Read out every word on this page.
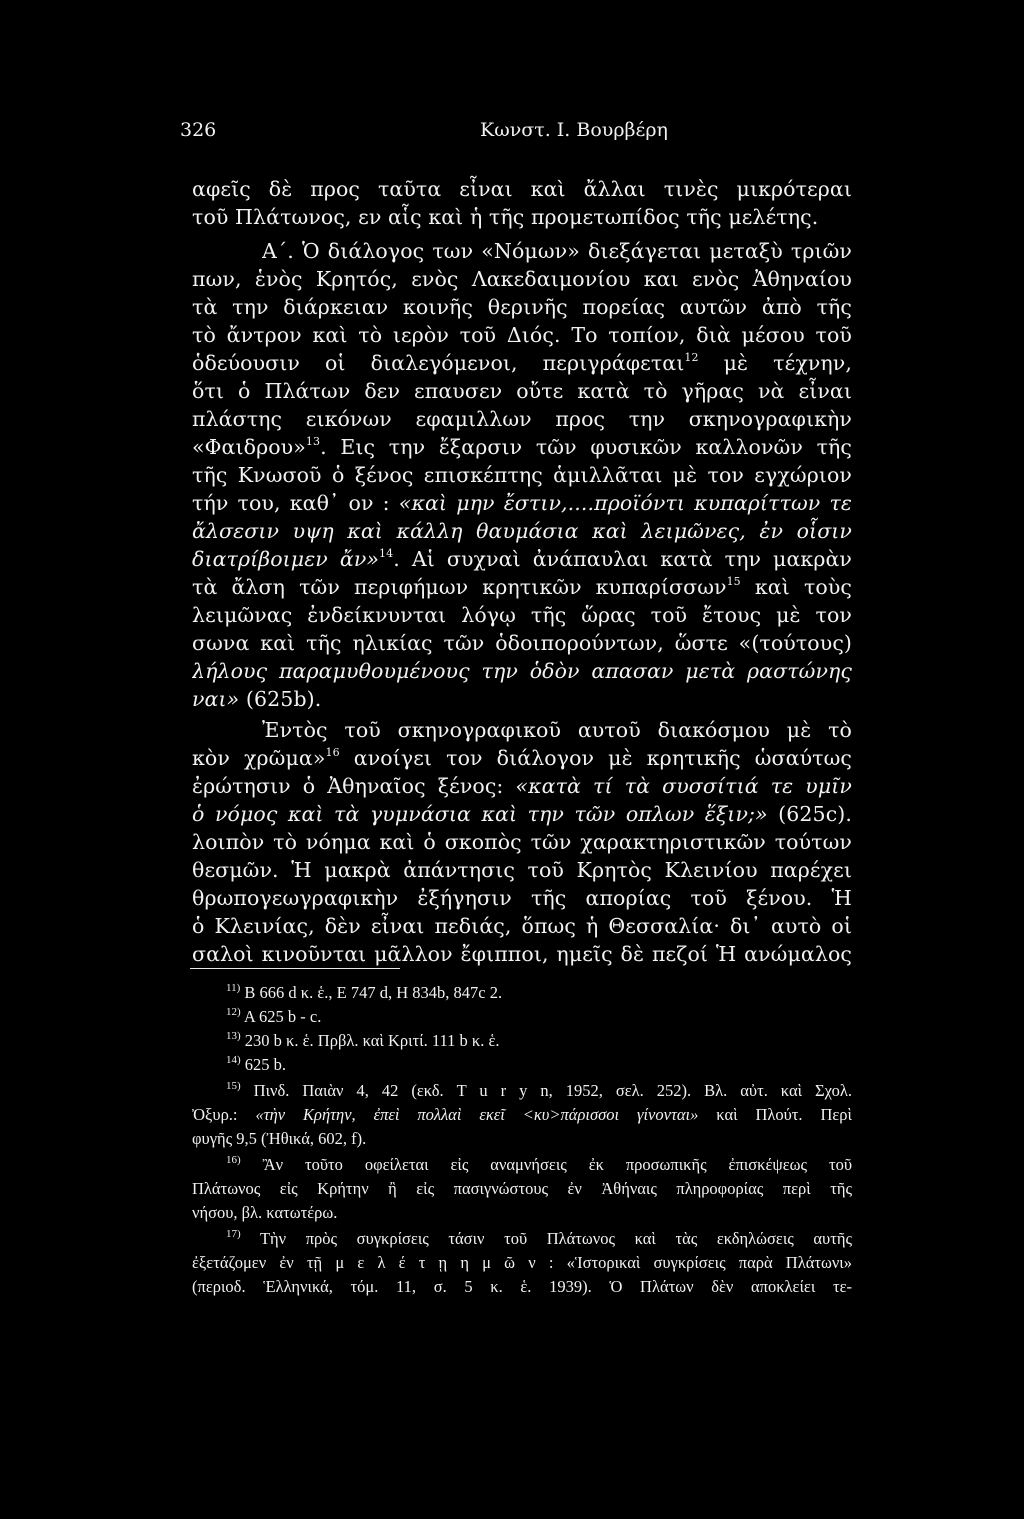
326	Κωνστ. Ι. Βουρβέρη
αφεῖς δὲ προς ταῦτα εἶναι καὶ ἄλλαι τινὲς μικρότεραι
τοῦ Πλάτωνος, εν αἷς καὶ ἡ τῆς προμετωπίδος τῆς μελέτης.
Α΄. Ὁ διάλογος των «Νόμων» διεξάγεται μεταξὺ τριῶν
πων, ἑνὸς Κρητός, ενὸς Λακεδαιμονίου και ενὸς Ἀθηναίου
τὰ την διάρκειαν κοινῆς θερινῆς πορείας αυτῶν ἀπὸ τῆς
τὸ ἄντρον καὶ τὸ ιερὸν τοῦ Διός. Το τοπίον, διὰ μέσου τοῦ
ὁδεύουσιν οἱ διαλεγόμενοι, περιγράφεται$^{12}$ μὲ τέχνην,
ὅτι ὁ Πλάτων δεν επαυσεν οὔτε κατὰ τὸ γῆρας νὰ εἶναι
πλάστης εικόνων εφαμιλλων προς την σκηνογραφικὴν
«Φαιδρου»$^{13}$. Εις την ἔξαρσιν τῶν φυσικῶν καλλονῶν τῆς
τῆς Κνωσοῦ ὁ ξένος επισκέπτης ἁμιλλᾶται μὲ τον εγχώριον
τήν του, καθ᾽ ον : «καὶ μην ἔστιν,....προϊόντι κυπαρίττων τε
ἄλσεσιν υψη καὶ κάλλη θαυμάσια καὶ λειμῶνες, ἐν οἷσιν
διατρίβοιμεν ἄν»$^{14}$. Αἱ συχναὶ ἀνάπαυλαι κατὰ την μακρὰν
τὰ ἄλση τῶν περιφήμων κρητικῶν κυπαρίσσων$^{15}$ καὶ τοὺς
λειμῶνας ἐνδείκνυνται λόγῳ τῆς ὥρας τοῦ ἔτους μὲ τον
σωνα καὶ τῆς ηλικίας τῶν ὁδοιπορούντων, ὥστε «(τούτους)
λήλους παραμυθουμένους την ὁδὸν απασαν μετὰ ραστώνης
ναι» (625b).
Ἐντὸς τοῦ σκηνογραφικοῦ αυτοῦ διακόσμου μὲ τὸ
κὸν χρῶμα»$^{16}$ ανοίγει τον διάλογον μὲ κρητικῆς ὡσαύτως
ἐρώτησιν ὁ Ἀθηναῖος ξένος: «κατὰ τί τὰ συσσίτιά τε υμῖν
ὁ νόμος καὶ τὰ γυμνάσια καὶ την τῶν οπλων ἕξιν;» (625c).
λοιπὸν τὸ νόημα καὶ ὁ σκοπὸς τῶν χαρακτηριστικῶν τούτων
θεσμῶν. Ἡ μακρὰ ἀπάντησις τοῦ Κρητὸς Κλεινίου παρέχει
θρωπογεωγραφικὴν ἐξήγησιν τῆς απορίας τοῦ ξένου. Ἡ
ὁ Κλεινίας, δὲν εἶναι πεδιάς, ὅπως ἡ Θεσσαλία· δι᾽ αυτὸ οἱ
σαλοὶ κινοῦνται μᾶλλον ἔφιπποι, ημεῖς δὲ πεζοί Ἡ ανώμαλος
$^{11)}$ Β 666 d κ. ἑ., Ε 747 d, Η 834b, 847c 2.
$^{12)}$ Α 625 b - c.
$^{13)}$ 230 b κ. ἑ. Πρβλ. καὶ Κριτί. 111 b κ. ἑ.
$^{14)}$ 625 b.
$^{15)}$ Πινδ. Παιὰν 4, 42 (εκδ. T u r y n, 1952, σελ. 252). Βλ. αὐτ. καὶ Σχολ.
Ὀξυρ.: «τὴν Κρήτην, ἐπεὶ πολλαὶ εκεῖ <κυ>πάρισσοι γίνονται» καὶ Πλούτ. Περὶ
φυγῆς 9,5 (Ἠθικά, 602, f).
$^{16)}$ Ἂν τοῦτο οφείλεται εἰς αναμνήσεις ἐκ προσωπικῆς ἐπισκέψεως τοῦ
Πλάτωνος εἰς Κρήτην ἢ εἰς πασιγνώστους ἐν Ἀθήναις πληροφορίας περὶ τῆς
νήσου, βλ. κατωτέρω.
$^{17)}$ Τὴν πρὸς συγκρίσεις τάσιν τοῦ Πλάτωνος καὶ τὰς εκδηλώσεις αυτῆς
ἐξετάζομεν ἐν τῇ μ ε λ έ τ ῃ η μ ῶ ν : «Ἱστορικαὶ συγκρίσεις παρὰ Πλάτωνι»
(περιοδ. Ἑλληνικά, τόμ. 11, σ. 5 κ. ἑ. 1939). Ὁ Πλάτων δὲν αποκλείει τε-
